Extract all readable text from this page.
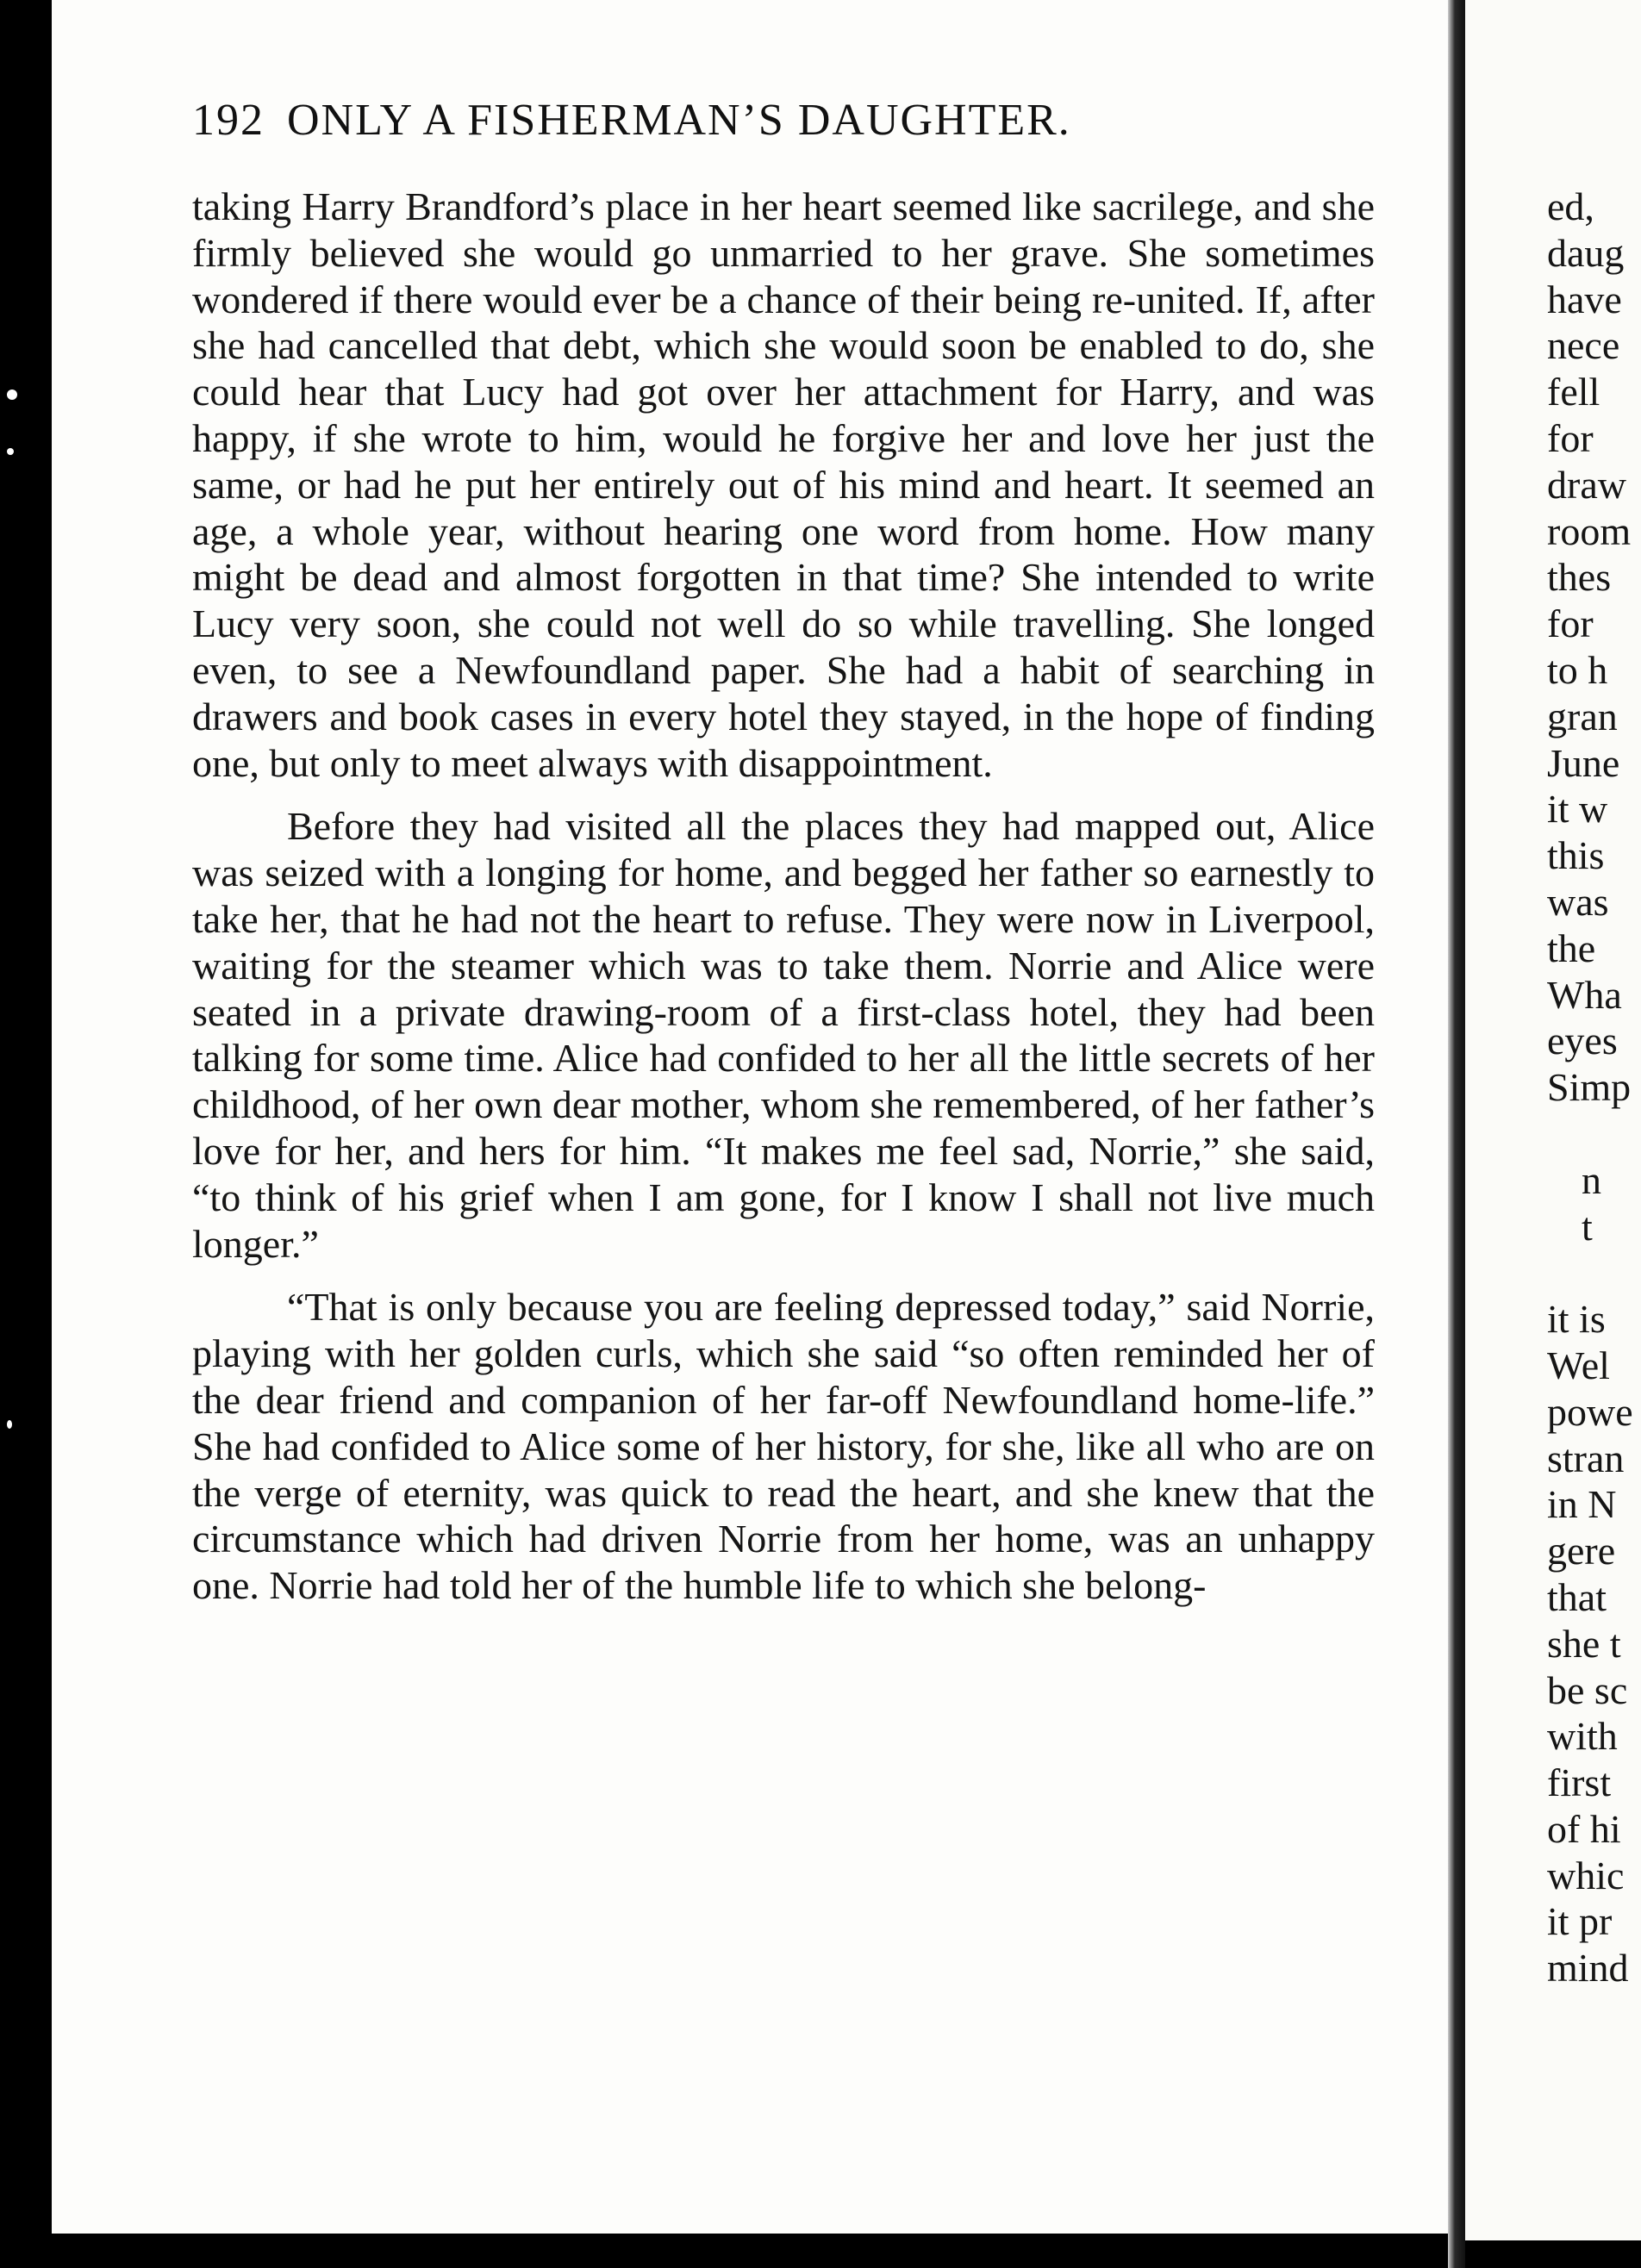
192 ONLY A FISHERMAN’S DAUGHTER.

taking Harry Brandford’s place in her heart seemed like sacrilege, and she firmly believed she would go unmarried to her grave. She sometimes wondered if there would ever be a chance of their being re-united. If, after she had cancelled that debt, which she would soon be enabled to do, she could hear that Lucy had got over her attachment for Harry, and was happy, if she wrote to him, would he forgive her and love her just the same, or had he put her entirely out of his mind and heart. It seemed an age, a whole year, without hearing one word from home. How many might be dead and almost forgotten in that time? She intended to write Lucy very soon, she could not well do so while travelling. She longed even, to see a Newfoundland paper. She had a habit of searching in drawers and book cases in every hotel they stayed, in the hope of finding one, but only to meet always with disappointment.

Before they had visited all the places they had mapped out, Alice was seized with a longing for home, and begged her father so earnestly to take her, that he had not the heart to refuse. They were now in Liverpool, waiting for the steamer which was to take them. Norrie and Alice were seated in a private drawing-room of a first-class hotel, they had been talking for some time. Alice had confided to her all the little secrets of her childhood, of her own dear mother, whom she remembered, of her father’s love for her, and hers for him. “It makes me feel sad, Norrie,” she said, “to think of his grief when I am gone, for I know I shall not live much longer.”

“That is only because you are feeling depressed today,” said Norrie, playing with her golden curls, which she said “so often reminded her of the dear friend and companion of her far-off Newfoundland home-life.” She had confided to Alice some of her history, for she, like all who are on the verge of eternity, was quick to read the heart, and she knew that the circumstance which had driven Norrie from her home, was an unhappy one. Norrie had told her of the humble life to which she belong-

ed,
daug
have
nece
fell
for
draw
room
thes
for
to h
gran
June
it w
this
was
the
Wha
eyes
Simp
n
t
it is
Wel
powe
stran
in N
gere
that
she t
be sc
with
first
of hi
whic
it pr
mind
